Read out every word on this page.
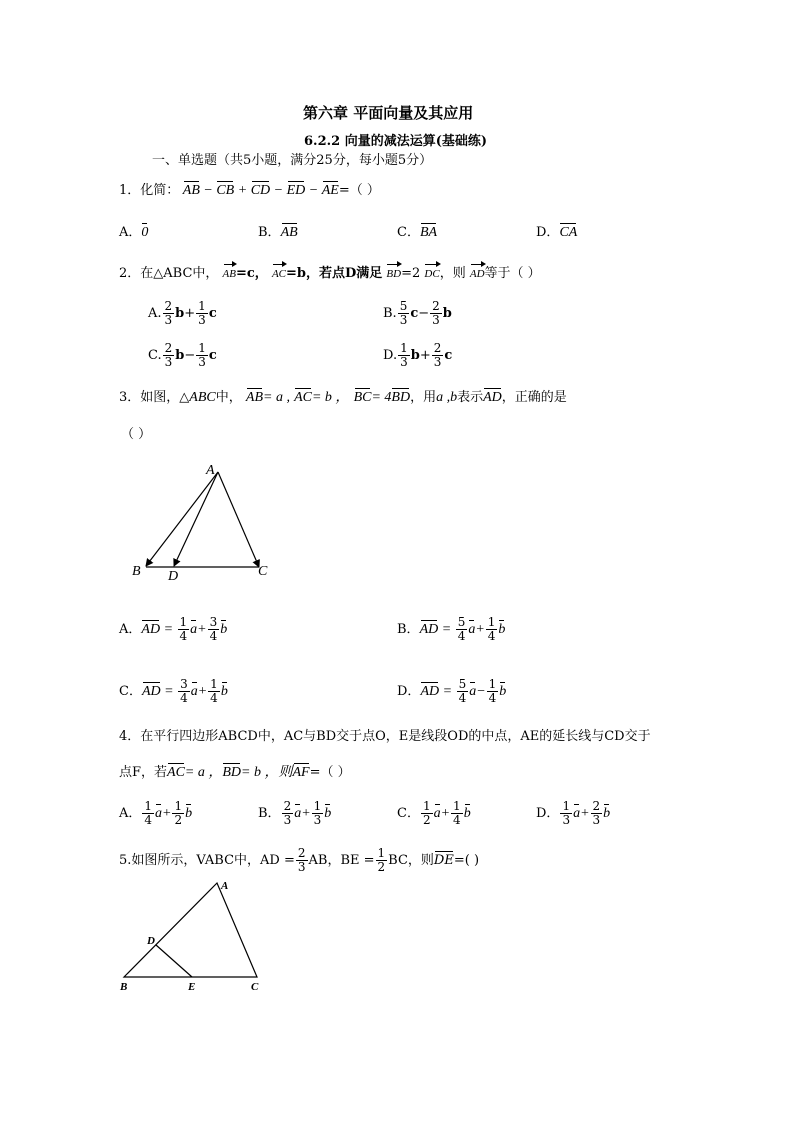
第六章 平面向量及其应用
6.2.2 向量的减法运算(基础练)
一、单选题（共5小题，满分25分，每小题5分）
1．化简： AB − CB + CD − ED − AE=（ ）
A．0	B．AB	C．BA	D．CA
2．在△ABC中， AB=c， AC=b，若点D满足 BD=2 DC，则 AD等于（ ）
A. $\frac{2}{3} b+ \frac{1}{3}$ c	B. $\frac{5}{3} c- \frac{2}{3}$ b
C. $\frac{2}{3} b- \frac{1}{3}$ c	D. $\frac{1}{3} b+ \frac{2}{3}$ c
3．如图，△ABC中， AB= a , AC= b ， BC= 4BD，用a ,b表示AD，正确的是
（ ）
A
B D	C
A．AD = $\frac{1}{4} a+ \frac{3}{4}$ b	B．AD = $\frac{5}{4} a+ \frac{1}{4}$ b
C．AD = $\frac{3}{4} a+ \frac{1}{4}$ b	D．AD = $\frac{5}{4} a- \frac{1}{4}$ b
4．在平行四边形ABCD中，AC与BD交于点O，E是线段OD的中点，AE的延长线与CD交于
点F，若AC= a ，BD= b ，则AF=（ ）
A． $\frac{1}{4} a+ \frac{1}{2}$ b	B． $\frac{2}{3} a+ \frac{1}{3}$ b	C． $\frac{1}{2} a+ \frac{1}{4}$ b	D． $\frac{1}{3} a+ \frac{2}{3}$ b
5.如图所示，VABC中，AD = $\frac{2}{3}$ AB，BE = $\frac{1}{2}$ BC，则DE=( )
A
D
B	E	C
